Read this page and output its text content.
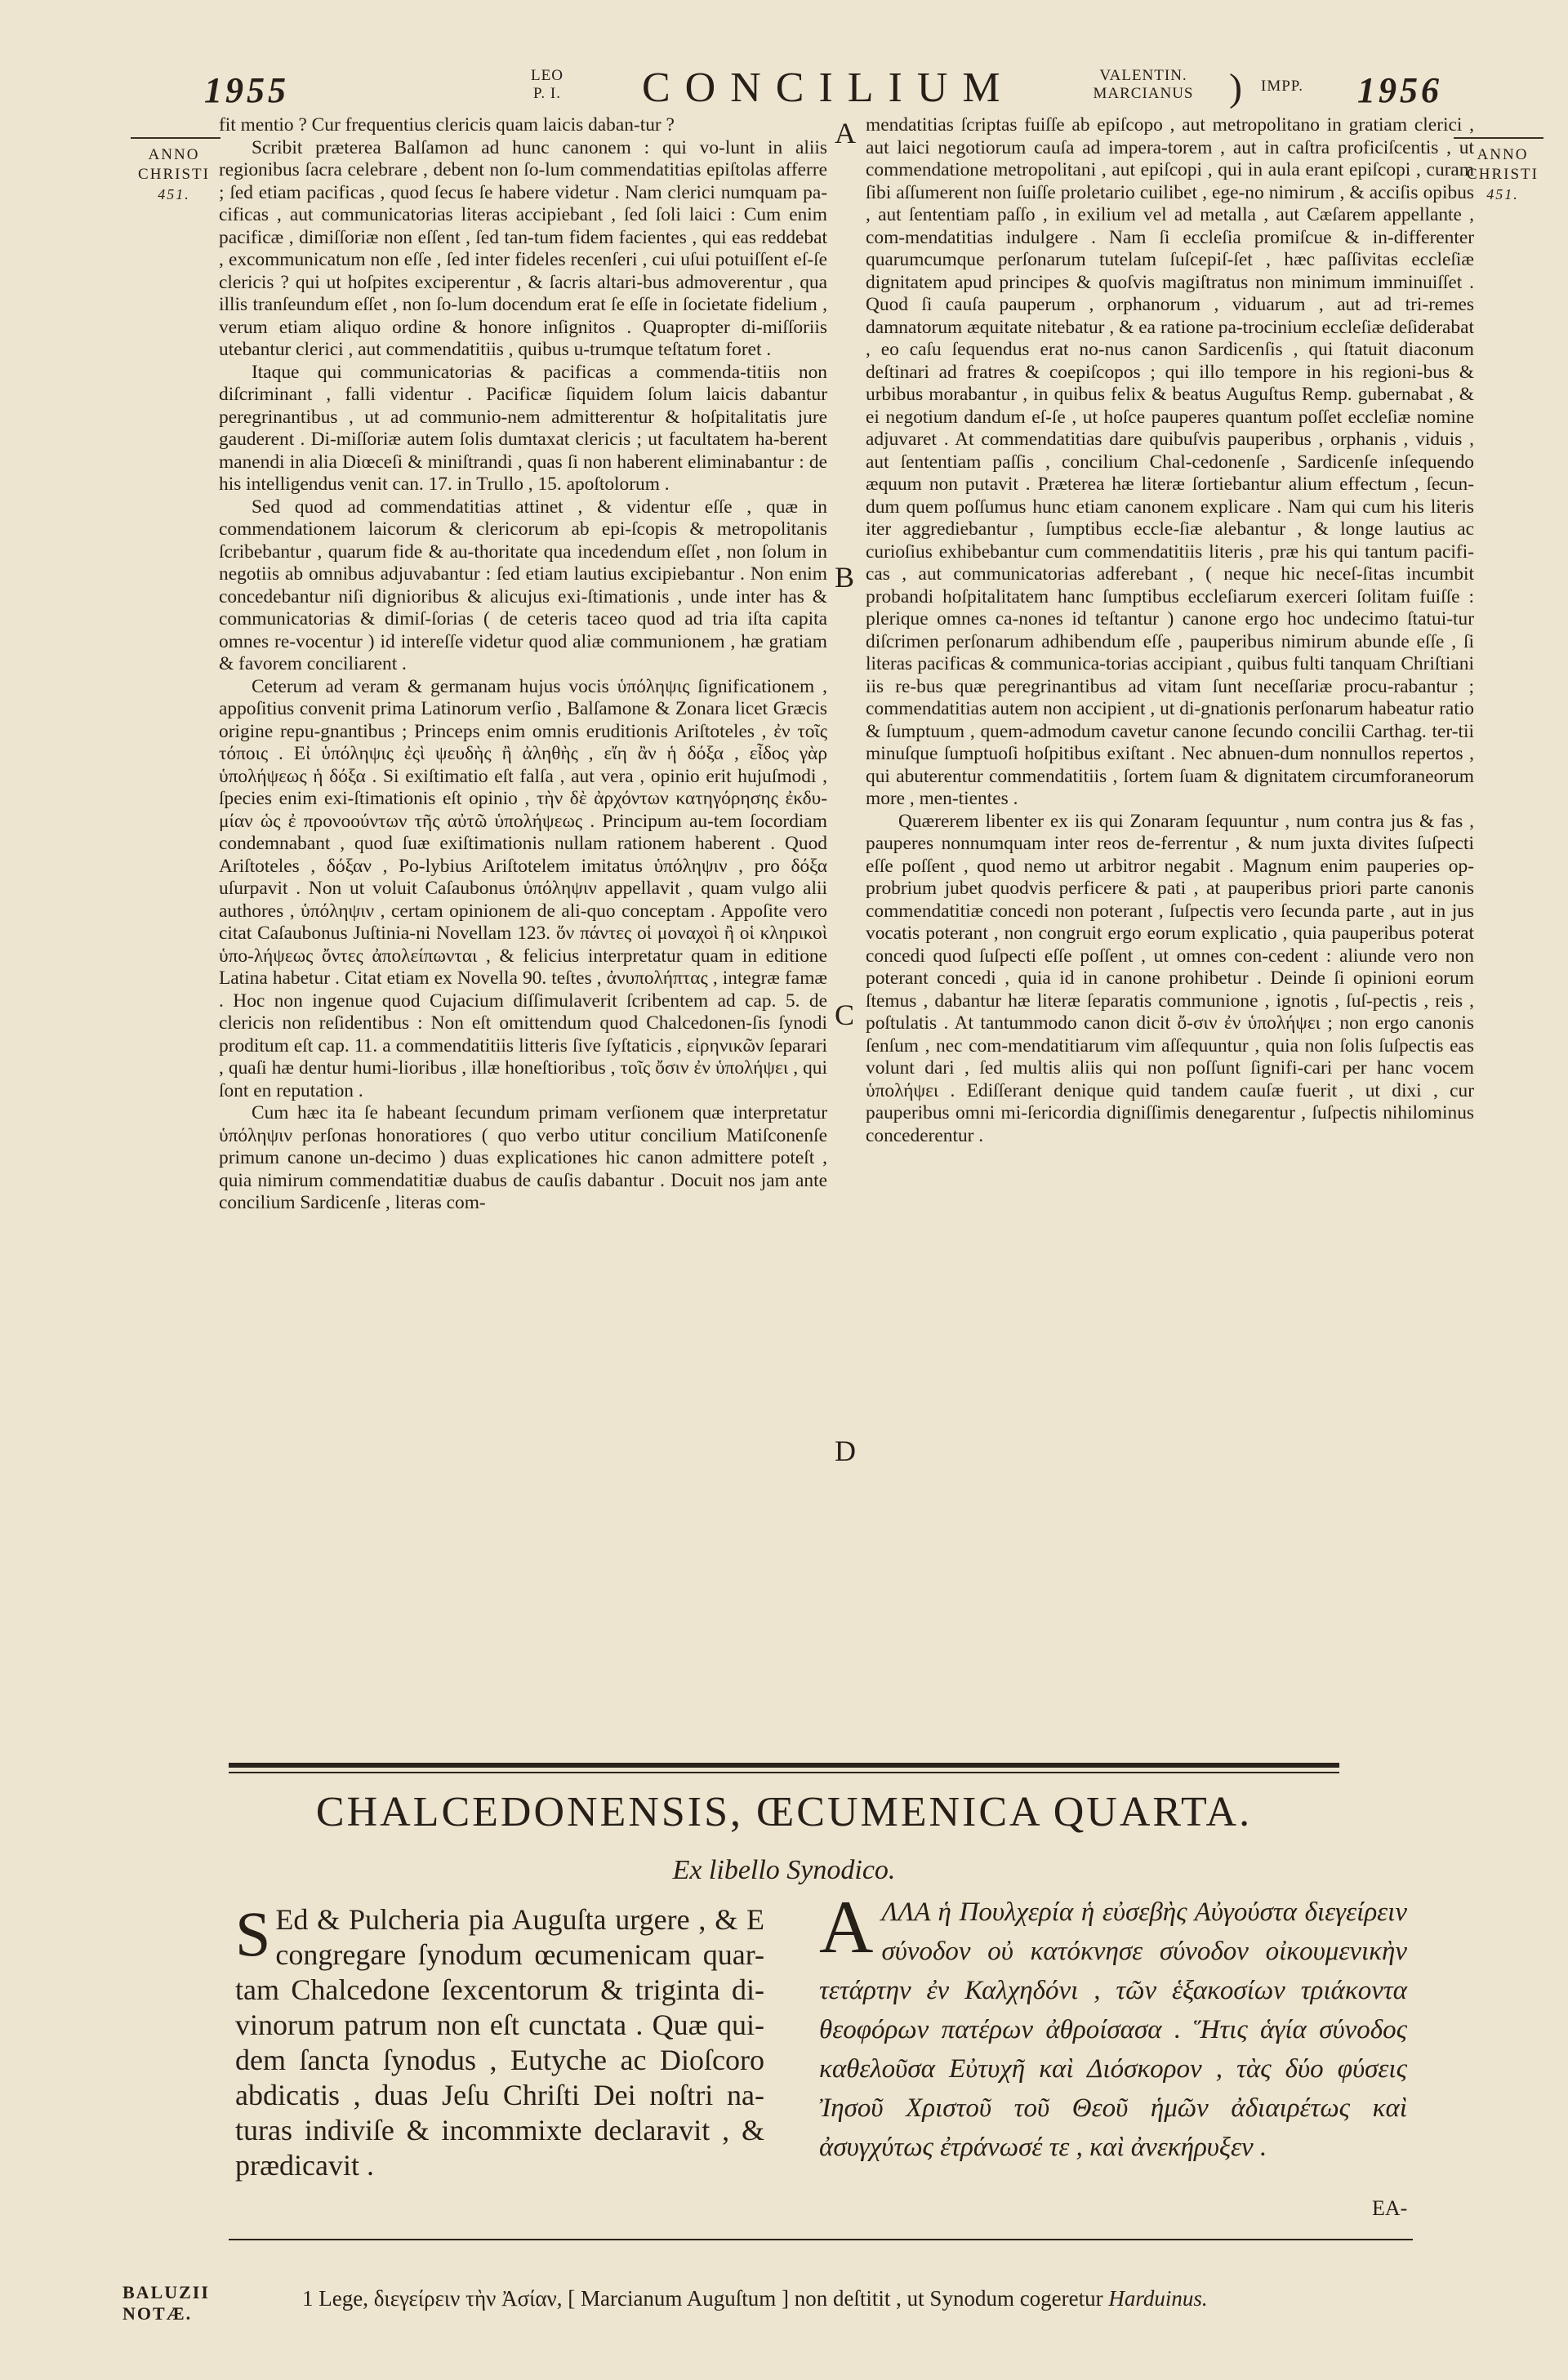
1955	LEO
P. I. CONCILIUM	VALENTIN.
MARCIANUS )	IMPP.	1956
ANNO
CHRISTI
451.
ANNO
CHRISTI
451.
A
B
C
D

fit mentio ? Cur frequentius clericis quam laicis daban-tur ?

Scribit præterea Balſamon ad hunc canonem : qui vo-lunt in aliis regionibus ſacra celebrare , debent non ſo-lum commendatitias epiſtolas afferre ; ſed etiam pacificas , quod ſecus ſe habere videtur . Nam clerici numquam pa-cificas , aut communicatorias literas accipiebant , ſed ſoli laici : Cum enim pacificæ , dimiſſoriæ non eſſent , ſed tan-tum fidem facientes , qui eas reddebat , excommunicatum non eſſe , ſed inter fideles recenſeri , cui uſui potuiſſent eſ-ſe clericis ? qui ut hoſpites exciperentur , & ſacris altari-bus admoverentur , qua illis tranſeundum eſſet , non ſo-lum docendum erat ſe eſſe in ſocietate fidelium , verum etiam aliquo ordine & honore inſignitos . Quapropter di-miſſoriis utebantur clerici , aut commendatitiis , quibus u-trumque teſtatum foret .

Itaque qui communicatorias & pacificas a commenda-titiis non diſcriminant , falli videntur . Pacificæ ſiquidem ſolum laicis dabantur peregrinantibus , ut ad communio-nem admitterentur & hoſpitalitatis jure gauderent . Di-miſſoriæ autem ſolis dumtaxat clericis ; ut facultatem ha-berent manendi in alia Diœceſi & miniſtrandi , quas ſi non haberent eliminabantur : de his intelligendus venit can. 17. in Trullo , 15. apoſtolorum .

Sed quod ad commendatitias attinet , & videntur eſſe , quæ in commendationem laicorum & clericorum ab epi-ſcopis & metropolitanis ſcribebantur , quarum fide & au-thoritate qua incedendum eſſet , non ſolum in negotiis ab omnibus adjuvabantur : ſed etiam lautius excipiebantur . Non enim concedebantur niſi dignioribus & alicujus exi-ſtimationis , unde inter has & communicatorias & dimiſ-ſorias ( de ceteris taceo quod ad tria iſta capita omnes re-vocentur ) id intereſſe videtur quod aliæ communionem , hæ gratiam & favorem conciliarent .

Ceterum ad veram & germanam hujus vocis ὑπόληψις ſignificationem , appoſitius convenit prima Latinorum verſio , Balſamone & Zonara licet Græcis origine repu-gnantibus ; Princeps enim omnis eruditionis Ariſtoteles , ἐν τοῖς τόποις . Εἰ ὑπόληψις ἐςὶ ψευδὴς ἢ ἀληθὴς , εἴη ἂν ἡ δόξα , εἶδος γὰρ ὑπολήψεως ἡ δόξα . Si exiſtimatio eſt falſa , aut vera , opinio erit hujuſmodi , ſpecies enim exi-ſtimationis eſt opinio , τὴν δὲ ἀρχόντων κατηγόρησης ἐκδυ-μίαν ὡς ἐ πρoνοoύντων τῆς αὐτῶ ὑπολήψεως . Principum au-tem ſocordiam condemnabant , quod ſuæ exiſtimationis nullam rationem haberent . Quod Ariſtoteles , δόξαν , Po-lybius Ariſtotelem imitatus ὑπόληψιν , pro δόξα uſurpavit . Non ut voluit Caſaubonus ὑπόληψιν appellavit , quam vulgo alii authores , ὑπόληψιν , certam opinionem de ali-quo conceptam . Appoſite vero citat Caſaubonus Juſtinia-ni Novellam 123. ὅν πάντες οἱ μοναχοὶ ἢ οἱ κληρικοὶ ὑπο-λήψεως ὄντες ἀπολείπωνται , & felicius interpretatur quam in editione Latina habetur . Citat etiam ex Novella 90. teſtes , ἀνυπολήπτας , integræ famæ . Hoc non ingenue quod Cujacium diſſimulaverit ſcribentem ad cap. 5. de clericis non reſidentibus : Non eſt omittendum quod Chalcedonen-ſis ſynodi proditum eſt cap. 11. a commendatitiis litteris ſive ſyſtaticis , εἰρηνικῶν ſeparari , quaſi hæ dentur humi-lioribus , illæ honeſtioribus , τοῖς ὄσιν ἐν ὑπολήψει , qui ſont en reputation .

Cum hæc ita ſe habeant ſecundum primam verſionem quæ interpretatur ὑπόληψιν perſonas honoratiores ( quo verbo utitur concilium Matiſconenſe primum canone un-decimo ) duas explicationes hic canon admittere poteſt , quia nimirum commendatitiæ duabus de cauſis dabantur . Docuit nos jam ante concilium Sardicenſe , literas com-

mendatitias ſcriptas fuiſſe ab epiſcopo , aut metropolitano in gratiam clerici , aut laici negotiorum cauſa ad impera-torem , aut in caſtra proficiſcentis , ut commendatione metropolitani , aut epiſcopi , qui in aula erant epiſcopi , curam ſibi aſſumerent non ſuiſſe proletario cuilibet , ege-no nimirum , & acciſis opibus , aut ſententiam paſſo , in exilium vel ad metalla , aut Cæſarem appellante , com-mendatitias indulgere . Nam ſi eccleſia promiſcue & in-differenter quarumcumque perſonarum tutelam ſuſcepiſ-ſet , hæc paſſivitas eccleſiæ dignitatem apud principes & quoſvis magiſtratus non minimum imminuiſſet . Quod ſi cauſa pauperum , orphanorum , viduarum , aut ad tri-remes damnatorum æquitate nitebatur , & ea ratione pa-trocinium eccleſiæ deſiderabat , eo caſu ſequendus erat no-nus canon Sardicenſis , qui ſtatuit diaconum deſtinari ad fratres & coepiſcopos ; qui illo tempore in his regioni-bus & urbibus morabantur , in quibus felix & beatus Auguſtus Remp. gubernabat , & ei negotium dandum eſ-ſe , ut hoſce pauperes quantum poſſet eccleſiæ nomine adjuvaret . At commendatitias dare quibuſvis pauperibus , orphanis , viduis , aut ſententiam paſſis , concilium Chal-cedonenſe , Sardicenſe inſequendo æquum non putavit . Præterea hæ literæ ſortiebantur alium effectum , ſecun-dum quem poſſumus hunc etiam canonem explicare . Nam qui cum his literis iter aggrediebantur , ſumptibus eccle-ſiæ alebantur , & longe lautius ac curioſius exhibebantur cum commendatitiis literis , præ his qui tantum pacifi-cas , aut communicatorias adferebant , ( neque hic neceſ-ſitas incumbit probandi hoſpitalitatem hanc ſumptibus eccleſiarum exerceri ſolitam fuiſſe : plerique omnes ca-nones id teſtantur ) canone ergo hoc undecimo ſtatui-tur diſcrimen perſonarum adhibendum eſſe , pauperibus nimirum abunde eſſe , ſi literas pacificas & communica-torias accipiant , quibus fulti tanquam Chriſtiani iis re-bus quæ peregrinantibus ad vitam ſunt neceſſariæ procu-rabantur ; commendatitias autem non accipient , ut di-gnationis perſonarum habeatur ratio & ſumptuum , quem-admodum cavetur canone ſecundo concilii Carthag. ter-tii minuſque ſumptuoſi hoſpitibus exiſtant . Nec abnuen-dum nonnullos repertos , qui abuterentur commendatitiis , ſortem ſuam & dignitatem circumforaneorum more , men-tientes .

Quærerem libenter ex iis qui Zonaram ſequuntur , num contra jus & fas , pauperes nonnumquam inter reos de-ferrentur , & num juxta divites ſuſpecti eſſe poſſent , quod nemo ut arbitror negabit . Magnum enim pauperies op-probrium jubet quodvis perficere & pati , at pauperibus priori parte canonis commendatitiæ concedi non poterant , ſuſpectis vero ſecunda parte , aut in jus vocatis poterant , non congruit ergo eorum explicatio , quia pauperibus poterat concedi quod ſuſpecti eſſe poſſent , ut omnes con-cedent : aliunde vero non poterant concedi , quia id in canone prohibetur . Deinde ſi opinioni eorum ſtemus , dabantur hæ literæ ſeparatis communione , ignotis , ſuſ-pectis , reis , poſtulatis . At tantummodo canon dicit ὄ-σιν ἐν ὑπολήψει ; non ergo canonis ſenſum , nec com-mendatitiarum vim aſſequuntur , quia non ſolis ſuſpectis eas volunt dari , ſed multis aliis qui non poſſunt ſignifi-cari per hanc vocem ὑπολήψει . Ediſſerant denique quid tandem cauſæ fuerit , ut dixi , cur pauperibus omni mi-ſericordia digniſſimis denegarentur , ſuſpectis nihilominus concederentur .

CHALCEDONENSIS, ŒCUMENICA QUARTA.
Ex libello Synodico.
S Ed & Pulcheria pia Auguſta urgere , & E congregare ſynodum œcumenicam quar-tam Chalcedone ſexcentorum & triginta di-vinorum patrum non eſt cunctata . Quæ qui-dem ſancta ſynodus , Eutyche ac Dioſcoro abdicatis , duas Jeſu Chriſti Dei noſtri na-turas indiviſe & incommixte declaravit , & prædicavit .
ΑΛΛΑ ἡ Πουλχερία ἡ εὐσεβὴς Αὐγούστα διεγείρειν σύνοδον οὐ κατόκνησε σύνοδον οἰκουμενικὴν τετάρτην ἐν Καλχηδόνι , τῶν ἑξακοσίων τριάκοντα θεοφόρων πατέρων ἀθροίσασα . Ἥτις ἁγία σύνοδος καθελοῦσα Εὐτυχῆ καὶ Διόσκορον , τὰς δύο φύσεις Ἰησοῦ Χριστοῦ τοῦ Θεοῦ ἡμῶν ἀδιαιρέτως καὶ ἀσυγχύτως ἐτράνωσέ τε , καὶ ἀνεκήρυξεν .
EA-
BALUZII
NOTÆ.
1 Lege, διεγείρειν τὴν Ἀσίαν, [ Marcianum Auguſtum ] non deſtitit , ut Synodum cogeretur Harduinus.
